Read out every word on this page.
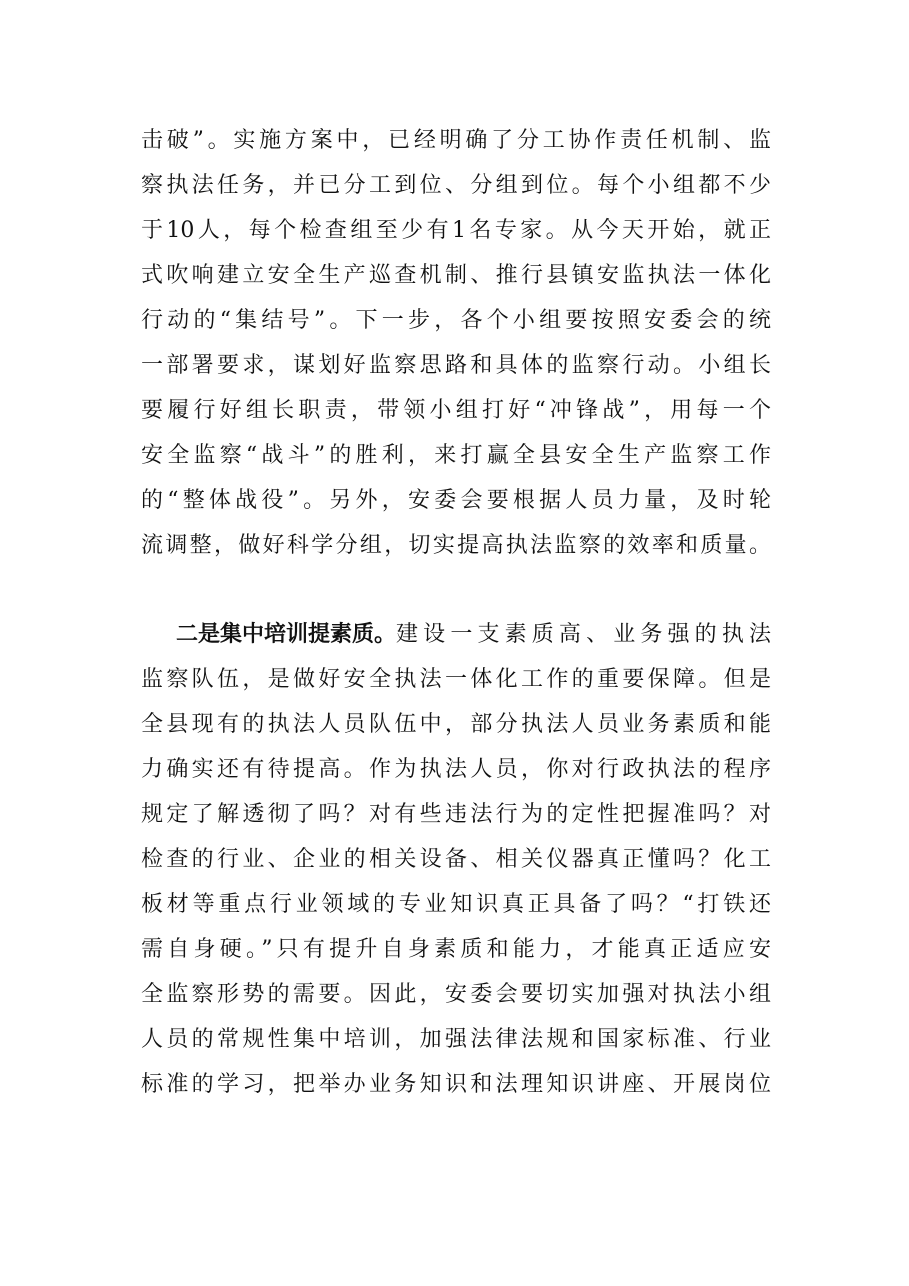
击破”。实施方案中，已经明确了分工协作责任机制、监
察执法任务，并已分工到位、分组到位。每个小组都不少
于10人，每个检查组至少有1名专家。从今天开始，就正
式吹响建立安全生产巡查机制、推行县镇安监执法一体化
行动的“集结号”。下一步，各个小组要按照安委会的统
一部署要求，谋划好监察思路和具体的监察行动。小组长
要履行好组长职责，带领小组打好“冲锋战”，用每一个
安全监察“战斗”的胜利，来打赢全县安全生产监察工作
的“整体战役”。另外，安委会要根据人员力量，及时轮
流调整，做好科学分组，切实提高执法监察的效率和质量。
二是集中培训提素质。 建设一支素质高、业务强的执法
监察队伍，是做好安全执法一体化工作的重要保障。但是
全县现有的执法人员队伍中，部分执法人员业务素质和能
力确实还有待提高。作为执法人员，你对行政执法的程序
规定了解透彻了吗？对有些违法行为的定性把握准吗？对
检查的行业、企业的相关设备、相关仪器真正懂吗？化工
板材等重点行业领域的专业知识真正具备了吗？“打铁还
需自身硬。”只有提升自身素质和能力，才能真正适应安
全监察形势的需要。因此，安委会要切实加强对执法小组
人员的常规性集中培训，加强法律法规和国家标准、行业
标准的学习，把举办业务知识和法理知识讲座、开展岗位
